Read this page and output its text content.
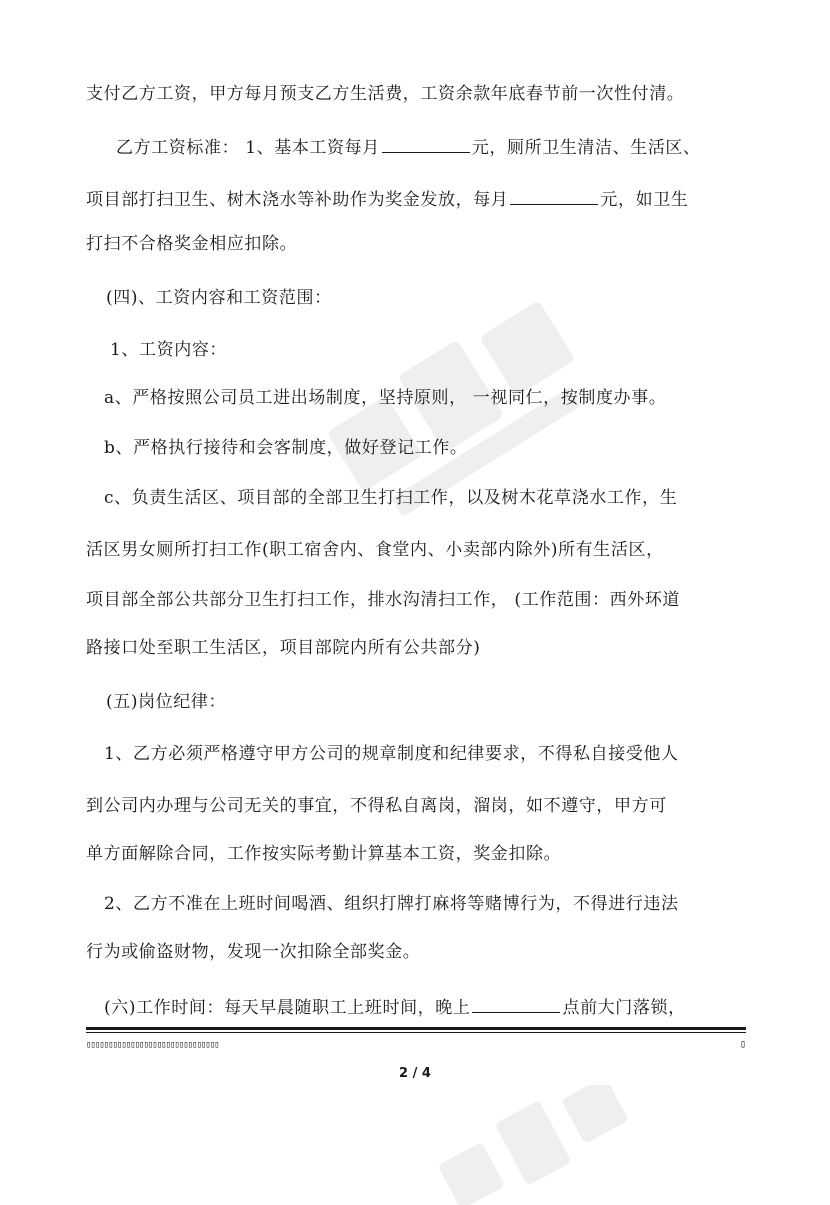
支付乙方工资，甲方每月预支乙方生活费，工资余款年底春节前一次性付清。
乙方工资标准： 1、基本工资每月	元，厕所卫生清洁、生活区、
项目部打扫卫生、树木浇水等补助作为奖金发放，每月	元，如卫生
打扫不合格奖金相应扣除。
(四)、工资内容和工资范围：
1、工资内容：
a、严格按照公司员工进出场制度，坚持原则， 一视同仁，按制度办事。
b、严格执行接待和会客制度，做好登记工作。
c、负责生活区、项目部的全部卫生打扫工作，以及树木花草浇水工作，生
活区男女厕所打扫工作(职工宿舍内、食堂内、小卖部内除外)所有生活区，
项目部全部公共部分卫生打扫工作，排水沟清扫工作， (工作范围：西外环道
路接口处至职工生活区，项目部院内所有公共部分)
(五)岗位纪律：
1、乙方必须严格遵守甲方公司的规章制度和纪律要求，不得私自接受他人
到公司内办理与公司无关的事宜，不得私自离岗，溜岗，如不遵守，甲方可
单方面解除合同，工作按实际考勤计算基本工资，奖金扣除。
2、乙方不准在上班时间喝酒、组织打牌打麻将等赌博行为，不得进行违法
行为或偷盗财物，发现一次扣除全部奖金。
(六)工作时间：每天早晨随职工上班时间，晚上	点前大门落锁，
▯▯▯▯▯▯▯▯▯▯▯▯▯▯▯▯▯▯▯▯▯▯▯▯▯▯▯▯▯▯	▯
2 / 4
